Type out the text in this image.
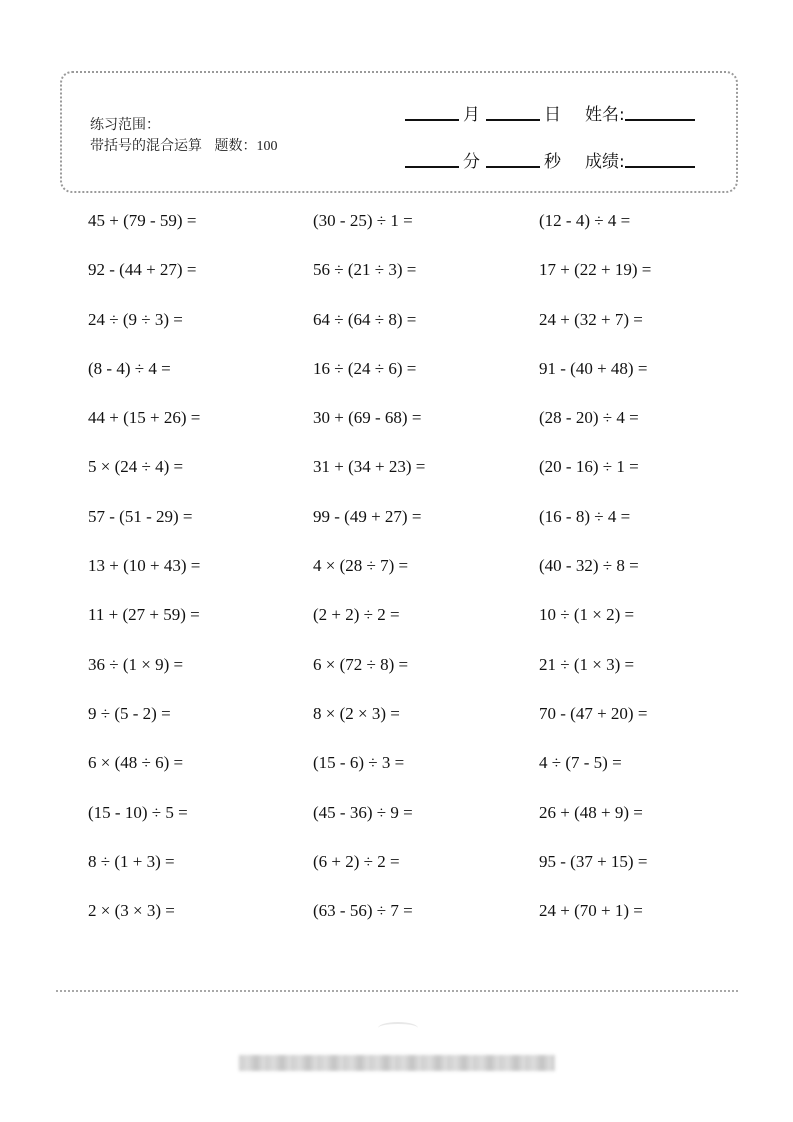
练习范围：
带括号的混合运算 题数：100
月	日 姓名:
分	秒 成绩:
45 + (79 - 59) =	(30 - 25) ÷ 1 =	(12 - 4) ÷ 4 =
92 - (44 + 27) =	56 ÷ (21 ÷ 3) =	17 + (22 + 19) =
24 ÷ (9 ÷ 3) =	64 ÷ (64 ÷ 8) =	24 + (32 + 7) =
(8 - 4) ÷ 4 =	16 ÷ (24 ÷ 6) =	91 - (40 + 48) =
44 + (15 + 26) =	30 + (69 - 68) =	(28 - 20) ÷ 4 =
5 × (24 ÷ 4) =	31 + (34 + 23) =	(20 - 16) ÷ 1 =
57 - (51 - 29) =	99 - (49 + 27) =	(16 - 8) ÷ 4 =
13 + (10 + 43) =	4 × (28 ÷ 7) =	(40 - 32) ÷ 8 =
11 + (27 + 59) =	(2 + 2) ÷ 2 =	10 ÷ (1 × 2) =
36 ÷ (1 × 9) =	6 × (72 ÷ 8) =	21 ÷ (1 × 3) =
9 ÷ (5 - 2) =	8 × (2 × 3) =	70 - (47 + 20) =
6 × (48 ÷ 6) =	(15 - 6) ÷ 3 =	4 ÷ (7 - 5) =
(15 - 10) ÷ 5 =	(45 - 36) ÷ 9 =	26 + (48 + 9) =
8 ÷ (1 + 3) =	(6 + 2) ÷ 2 =	95 - (37 + 15) =
2 × (3 × 3) =	(63 - 56) ÷ 7 =	24 + (70 + 1) =
